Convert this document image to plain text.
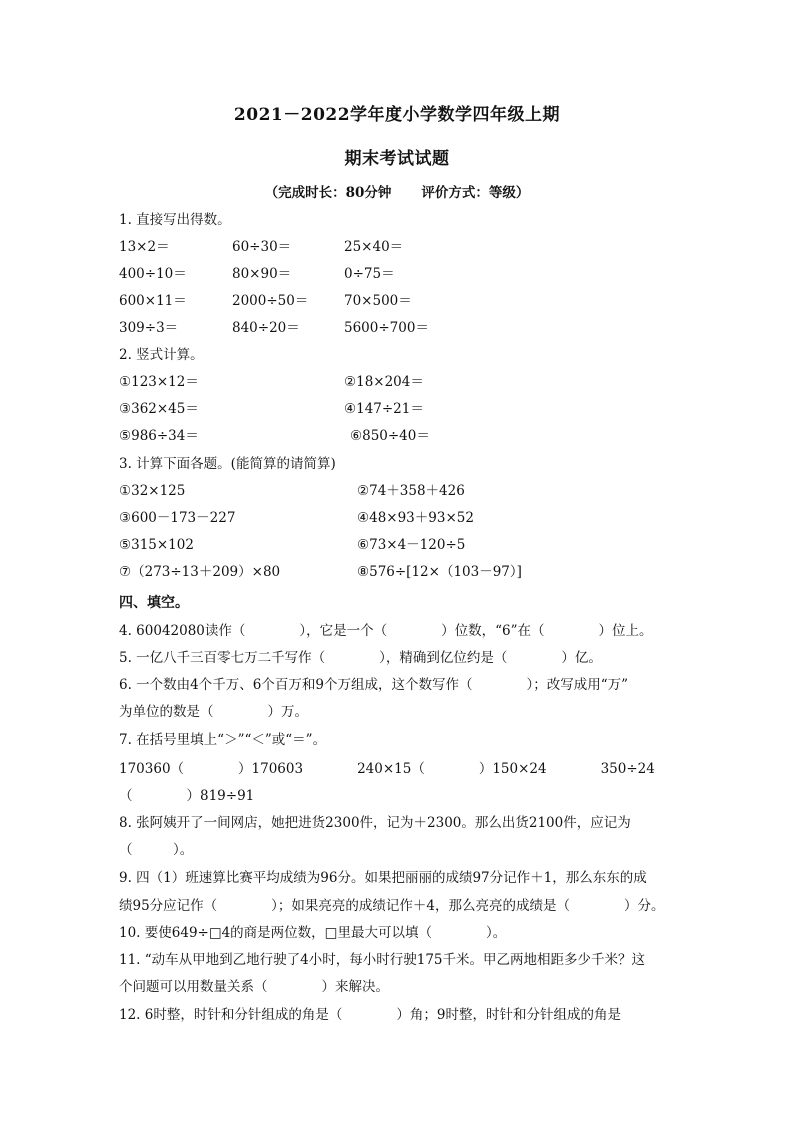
2021－2022学年度小学数学四年级上期
期末考试试题
（完成时长：80分钟 评价方式：等级）
1. 直接写出得数。
13×2＝	60÷30＝	25×40＝
400÷10＝	80×90＝	0÷75＝
600×11＝	2000÷50＝	70×500＝
309÷3＝	840÷20＝	5600÷700＝
2. 竖式计算。
①123×12＝	②18×204＝
③362×45＝	④147÷21＝
⑤986÷34＝	⑥850÷40＝
3. 计算下面各题。(能简算的请简算)
①32×125	②74＋358＋426
③600－173－227	④48×93＋93×52
⑤315×102	⑥73×4－120÷5
⑦（273÷13＋209）×80	⑧576÷[12×（103－97）]
四、填空。
4. 60042080读作（　　　　），它是一个（　　　　）位数，“6”在（　　　　）位上。
5. 一亿八千三百零七万二千写作（　　　　），精确到亿位约是（　　　　）亿。
6. 一个数由4个千万、6个百万和9个万组成，这个数写作（　　　　）；改写成用“万”
为单位的数是（　　　　）万。
7. 在括号里填上“＞”“＜”或“＝”。
170360（　　　　）170603　　　　240×15（　　　　）150×24　　　　350÷24
（　　　　）819÷91
8. 张阿姨开了一间网店，她把进货2300件，记为＋2300。那么出货2100件，应记为
（　　　）。
9. 四（1）班速算比赛平均成绩为96分。如果把丽丽的成绩97分记作＋1，那么东东的成
绩95分应记作（　　　　）；如果亮亮的成绩记作＋4，那么亮亮的成绩是（　　　　）分。
10. 要使649÷□4的商是两位数，□里最大可以填（　　　　）。
11. “动车从甲地到乙地行驶了4小时，每小时行驶175千米。甲乙两地相距多少千米？这
个问题可以用数量关系（　　　　）来解决。
12. 6时整，时针和分针组成的角是（　　　　）角；9时整，时针和分针组成的角是
